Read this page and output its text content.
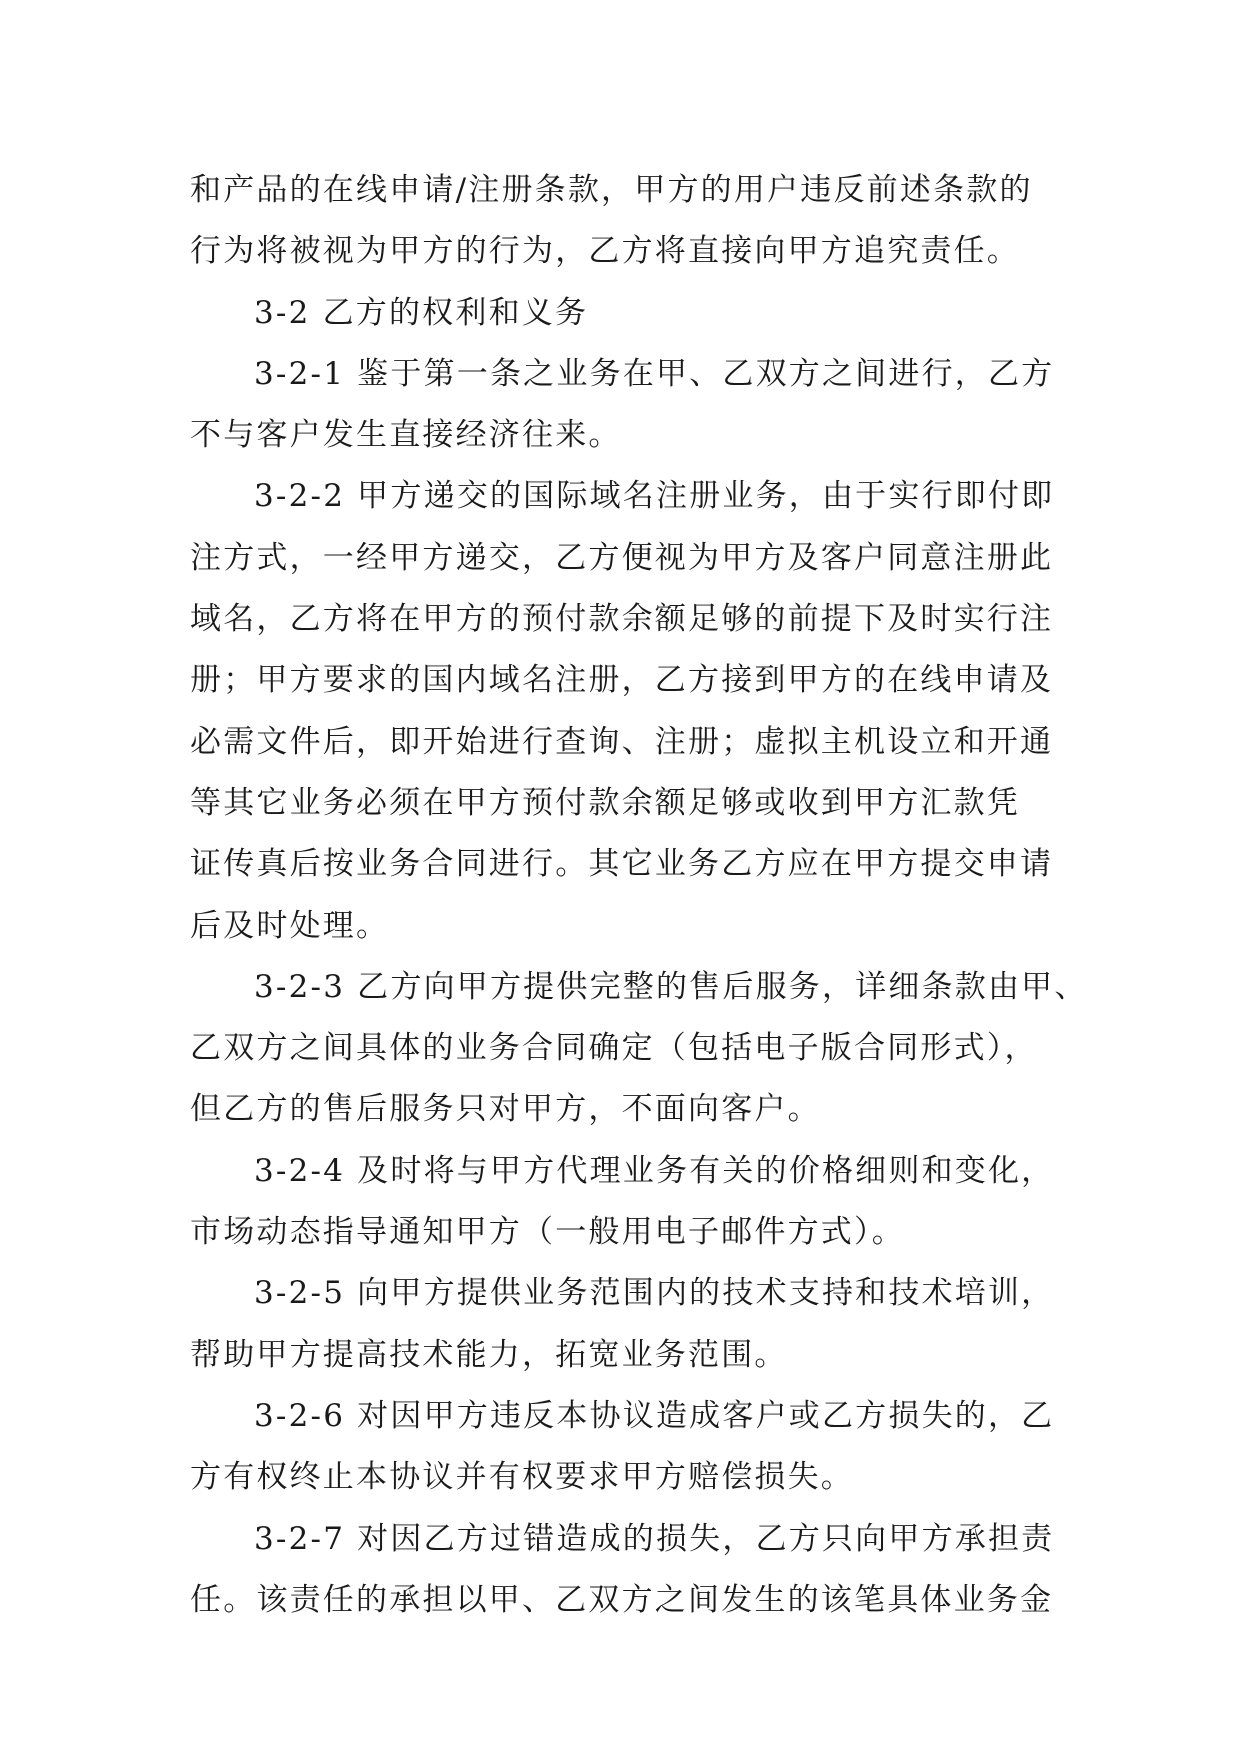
和产品的在线申请/注册条款，甲方的用户违反前述条款的
行为将被视为甲方的行为，乙方将直接向甲方追究责任。
3-2 乙方的权利和义务
3-2-1 鉴于第一条之业务在甲、乙双方之间进行，乙方
不与客户发生直接经济往来。
3-2-2 甲方递交的国际域名注册业务，由于实行即付即
注方式，一经甲方递交，乙方便视为甲方及客户同意注册此
域名，乙方将在甲方的预付款余额足够的前提下及时实行注
册；甲方要求的国内域名注册，乙方接到甲方的在线申请及
必需文件后，即开始进行查询、注册；虚拟主机设立和开通
等其它业务必须在甲方预付款余额足够或收到甲方汇款凭
证传真后按业务合同进行。其它业务乙方应在甲方提交申请
后及时处理。
3-2-3 乙方向甲方提供完整的售后服务，详细条款由甲、
乙双方之间具体的业务合同确定（包括电子版合同形式），
但乙方的售后服务只对甲方，不面向客户。
3-2-4 及时将与甲方代理业务有关的价格细则和变化，
市场动态指导通知甲方（一般用电子邮件方式）。
3-2-5 向甲方提供业务范围内的技术支持和技术培训，
帮助甲方提高技术能力，拓宽业务范围。
3-2-6 对因甲方违反本协议造成客户或乙方损失的，乙
方有权终止本协议并有权要求甲方赔偿损失。
3-2-7 对因乙方过错造成的损失，乙方只向甲方承担责
任。该责任的承担以甲、乙双方之间发生的该笔具体业务金
